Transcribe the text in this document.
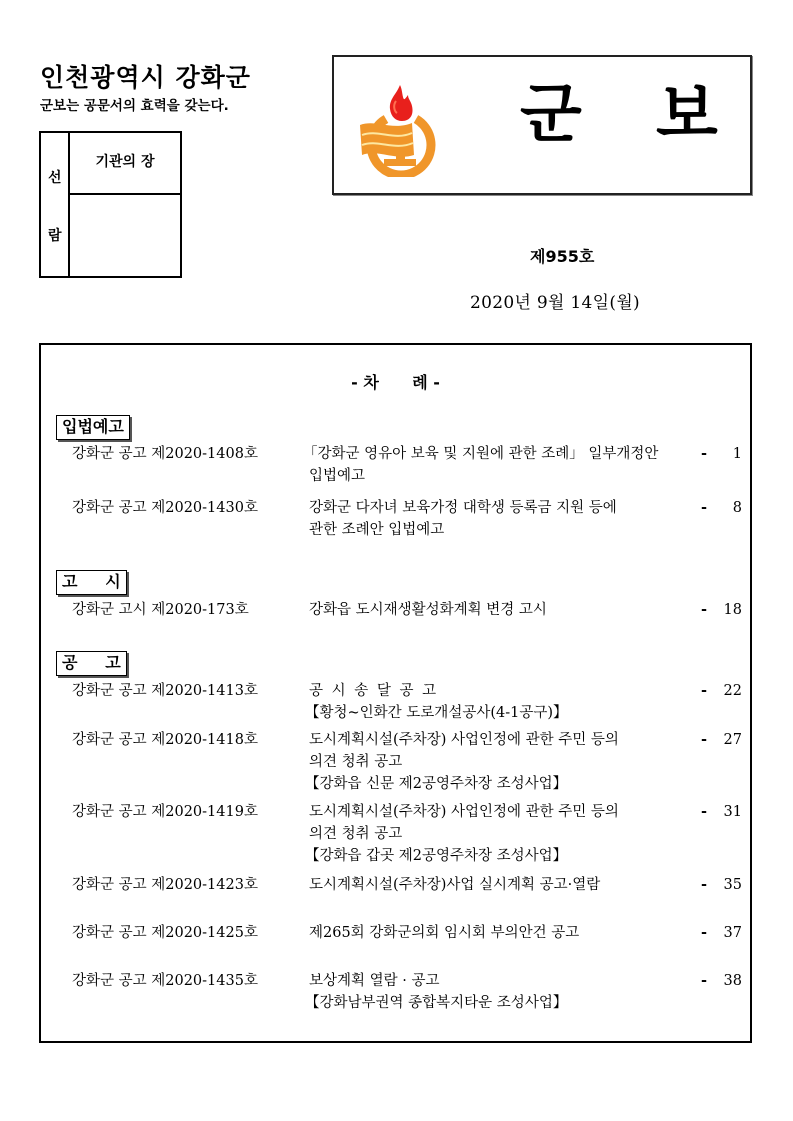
인천광역시 강화군
군보는 공문서의 효력을 갖는다.
선
람
기관의 장
군 보
제955호
2020년 9월 14일(월)
- 차      례 -
입법예고
강화군 공고 제2020-1408호	「강화군 영유아 보육 및 지원에 관한 조례」 일부개정안
입법예고
- 1
강화군 공고 제2020-1430호	강화군 다자녀 보육가정 대학생 등록금 지원 등에
관한 조례안 입법예고
- 8
고     시
강화군 고시 제2020-173호	강화읍 도시재생활성화계획 변경 고시	- 18
공     고
강화군 공고 제2020-1413호	공 시 송 달 공 고
【황청~인화간 도로개설공사(4-1공구)】
- 22
강화군 공고 제2020-1418호	도시계획시설(주차장) 사업인정에 관한 주민 등의
의견 청취 공고
【강화읍 신문 제2공영주차장 조성사업】
- 27
강화군 공고 제2020-1419호	도시계획시설(주차장) 사업인정에 관한 주민 등의
의견 청취 공고
【강화읍 갑곳 제2공영주차장 조성사업】
- 31
강화군 공고 제2020-1423호	도시계획시설(주차장)사업 실시계획 공고·열람	- 35
강화군 공고 제2020-1425호	제265회 강화군의회 임시회 부의안건 공고	- 37
강화군 공고 제2020-1435호	보상계획 열람 · 공고
【강화남부권역 종합복지타운 조성사업】
- 38
